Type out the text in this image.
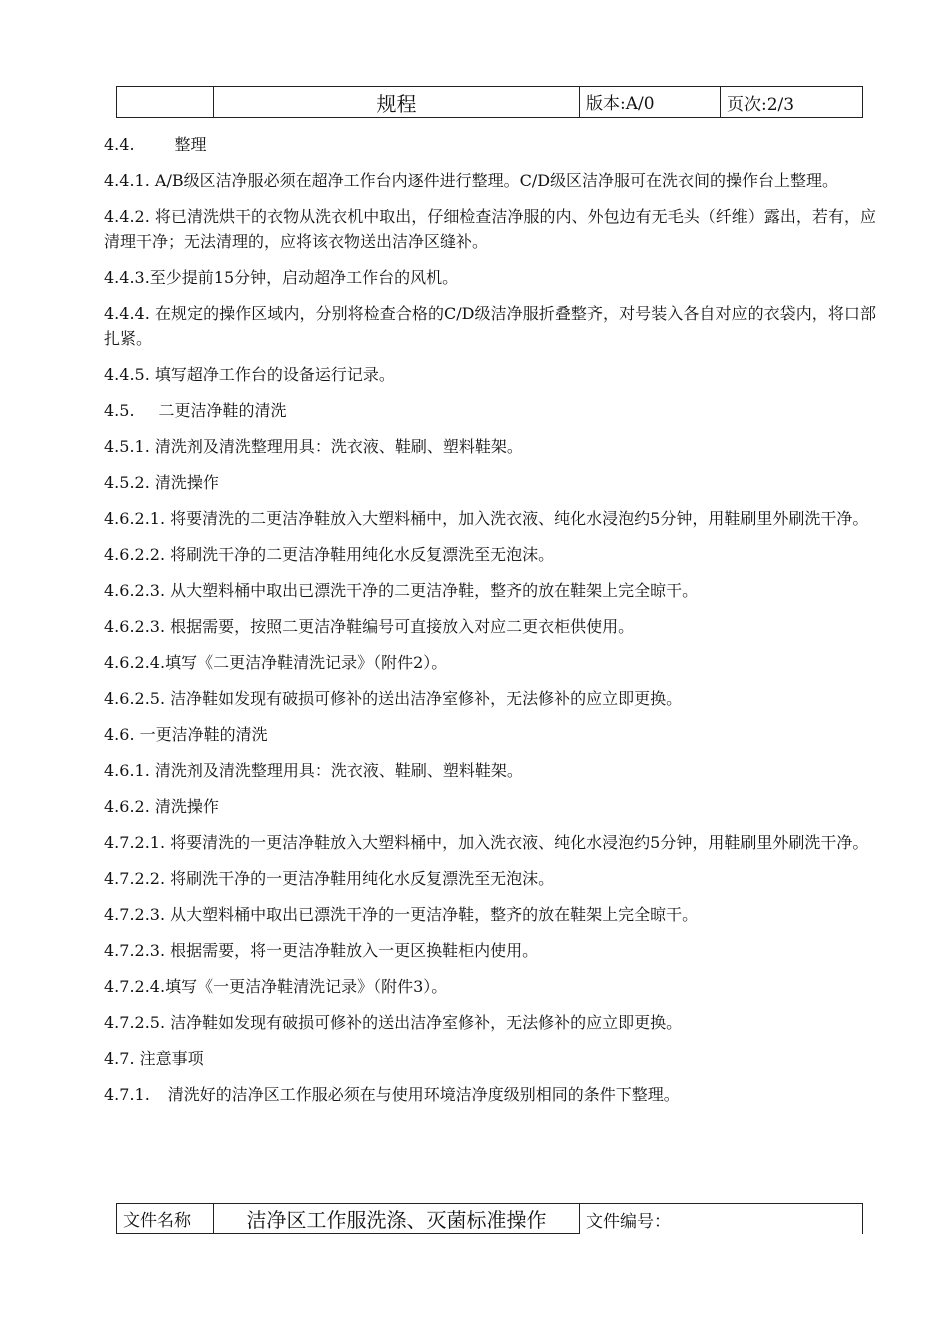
	规程	版本:A/0	页次:2/3

4.4.	整理

4.4.1. A/B级区洁净服必须在超净工作台内逐件进行整理。C/D级区洁净服可在洗衣间的操作台上整理。

4.4.2. 将已清洗烘干的衣物从洗衣机中取出，仔细检查洁净服的内、外包边有无毛头（纤维）露出，若有，应清理干净；无法清理的，应将该衣物送出洁净区缝补。

4.4.3.至少提前15分钟，启动超净工作台的风机。

4.4.4. 在规定的操作区域内，分别将检查合格的C/D级洁净服折叠整齐，对号装入各自对应的衣袋内，将口部扎紧。

4.4.5. 填写超净工作台的设备运行记录。

4.5. 二更洁净鞋的清洗

4.5.1. 清洗剂及清洗整理用具：洗衣液、鞋刷、塑料鞋架。

4.5.2. 清洗操作

4.6.2.1. 将要清洗的二更洁净鞋放入大塑料桶中，加入洗衣液、纯化水浸泡约5分钟，用鞋刷里外刷洗干净。

4.6.2.2. 将刷洗干净的二更洁净鞋用纯化水反复漂洗至无泡沫。

4.6.2.3. 从大塑料桶中取出已漂洗干净的二更洁净鞋，整齐的放在鞋架上完全晾干。

4.6.2.3. 根据需要，按照二更洁净鞋编号可直接放入对应二更衣柜供使用。

4.6.2.4.填写《二更洁净鞋清洗记录》（附件2）。

4.6.2.5. 洁净鞋如发现有破损可修补的送出洁净室修补，无法修补的应立即更换。

4.6. 一更洁净鞋的清洗

4.6.1. 清洗剂及清洗整理用具：洗衣液、鞋刷、塑料鞋架。

4.6.2. 清洗操作

4.7.2.1. 将要清洗的一更洁净鞋放入大塑料桶中，加入洗衣液、纯化水浸泡约5分钟，用鞋刷里外刷洗干净。

4.7.2.2. 将刷洗干净的一更洁净鞋用纯化水反复漂洗至无泡沫。

4.7.2.3. 从大塑料桶中取出已漂洗干净的一更洁净鞋，整齐的放在鞋架上完全晾干。

4.7.2.3. 根据需要，将一更洁净鞋放入一更区换鞋柜内使用。

4.7.2.4.填写《一更洁净鞋清洗记录》（附件3）。

4.7.2.5. 洁净鞋如发现有破损可修补的送出洁净室修补，无法修补的应立即更换。

4.7. 注意事项

4.7.1. 清洗好的洁净区工作服必须在与使用环境洁净度级别相同的条件下整理。

文件名称	洁净区工作服洗涤、灭菌标准操作	文件编号：
